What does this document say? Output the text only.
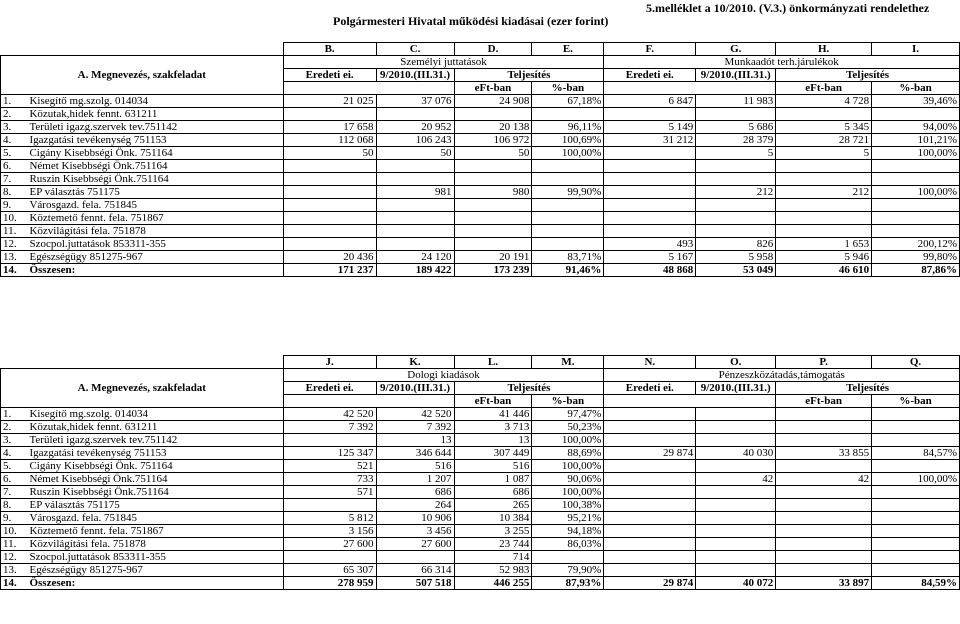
Polgármesteri Hivatal működési kiadásai (ezer forint)
5.melléklet a 10/2010. (V.3.) önkormányzati rendelethez
		B.	C.	D.	E.	F.	G.	H.	I.
A. Megnevezés, szakfeladat		Személyi juttatások				Munkaadót terh.járulékok			
		Eredeti ei.	9/2010.(III.31.)	Teljesítés		Eredeti ei.	9/2010.(III.31.)	Teljesítés	
				eFt-ban	%-ban			eFt-ban	%-ban
1.	Kisegítő mg.szolg. 014034	21 025	37 076	24 908	67,18%	6 847	11 983	4 728	39,46%
2.	Közutak,hidek fennt. 631211								
3.	Területi igazg.szervek tev.751142	17 658	20 952	20 138	96,11%	5 149	5 686	5 345	94,00%
4.	Igazgatási tevékenység 751153	112 068	106 243	106 972	100,69%	31 212	28 379	28 721	101,21%
5.	Cigány Kisebbségi Önk. 751164	50	50	50	100,00%		5	5	100,00%
6.	Német Kisebbségi Önk.751164								
7.	Ruszin Kisebbségi Önk.751164								
8.	EP választás 751175		981	980	99,90%		212	212	100,00%
9.	Városgazd. fela. 751845								
10.	Köztemető fennt. fela. 751867								
11.	Közvilágítási fela. 751878								
12.	Szocpol.juttatások 853311-355					493	826	1 653	200,12%
13.	Egészségügy 851275-967	20 436	24 120	20 191	83,71%	5 167	5 958	5 946	99,80%
14.	Összesen:	171 237	189 422	173 239	91,46%	48 868	53 049	46 610	87,86%
		J.	K.	L.	M.	N.	O.	P.	Q.
A. Megnevezés, szakfeladat		Dologi kiadások				Pénzeszközátadás,támogatás			
		Eredeti ei.	9/2010.(III.31.)	Teljesítés		Eredeti ei.	9/2010.(III.31.)	Teljesítés	
				eFt-ban	%-ban			eFt-ban	%-ban
1.	Kisegítő mg.szolg. 014034	42 520	42 520	41 446	97,47%				
2.	Közutak,hidek fennt. 631211	7 392	7 392	3 713	50,23%				
3.	Területi igazg.szervek tev.751142		13	13	100,00%				
4.	Igazgatási tevékenység 751153	125 347	346 644	307 449	88,69%	29 874	40 030	33 855	84,57%
5.	Cigány Kisebbségi Önk. 751164	521	516	516	100,00%				
6.	Német Kisebbségi Önk.751164	733	1 207	1 087	90,06%		42	42	100,00%
7.	Ruszin Kisebbségi Önk.751164	571	686	686	100,00%				
8.	EP választás 751175		264	265	100,38%				
9.	Városgazd. fela. 751845	5 812	10 906	10 384	95,21%				
10.	Köztemető fennt. fela. 751867	3 156	3 456	3 255	94,18%				
11.	Közvilágítási fela. 751878	27 600	27 600	23 744	86,03%				
12.	Szocpol.juttatások 853311-355			714					
13.	Egészségügy 851275-967	65 307	66 314	52 983	79,90%				
14.	Összesen:	278 959	507 518	446 255	87,93%	29 874	40 072	33 897	84,59%
